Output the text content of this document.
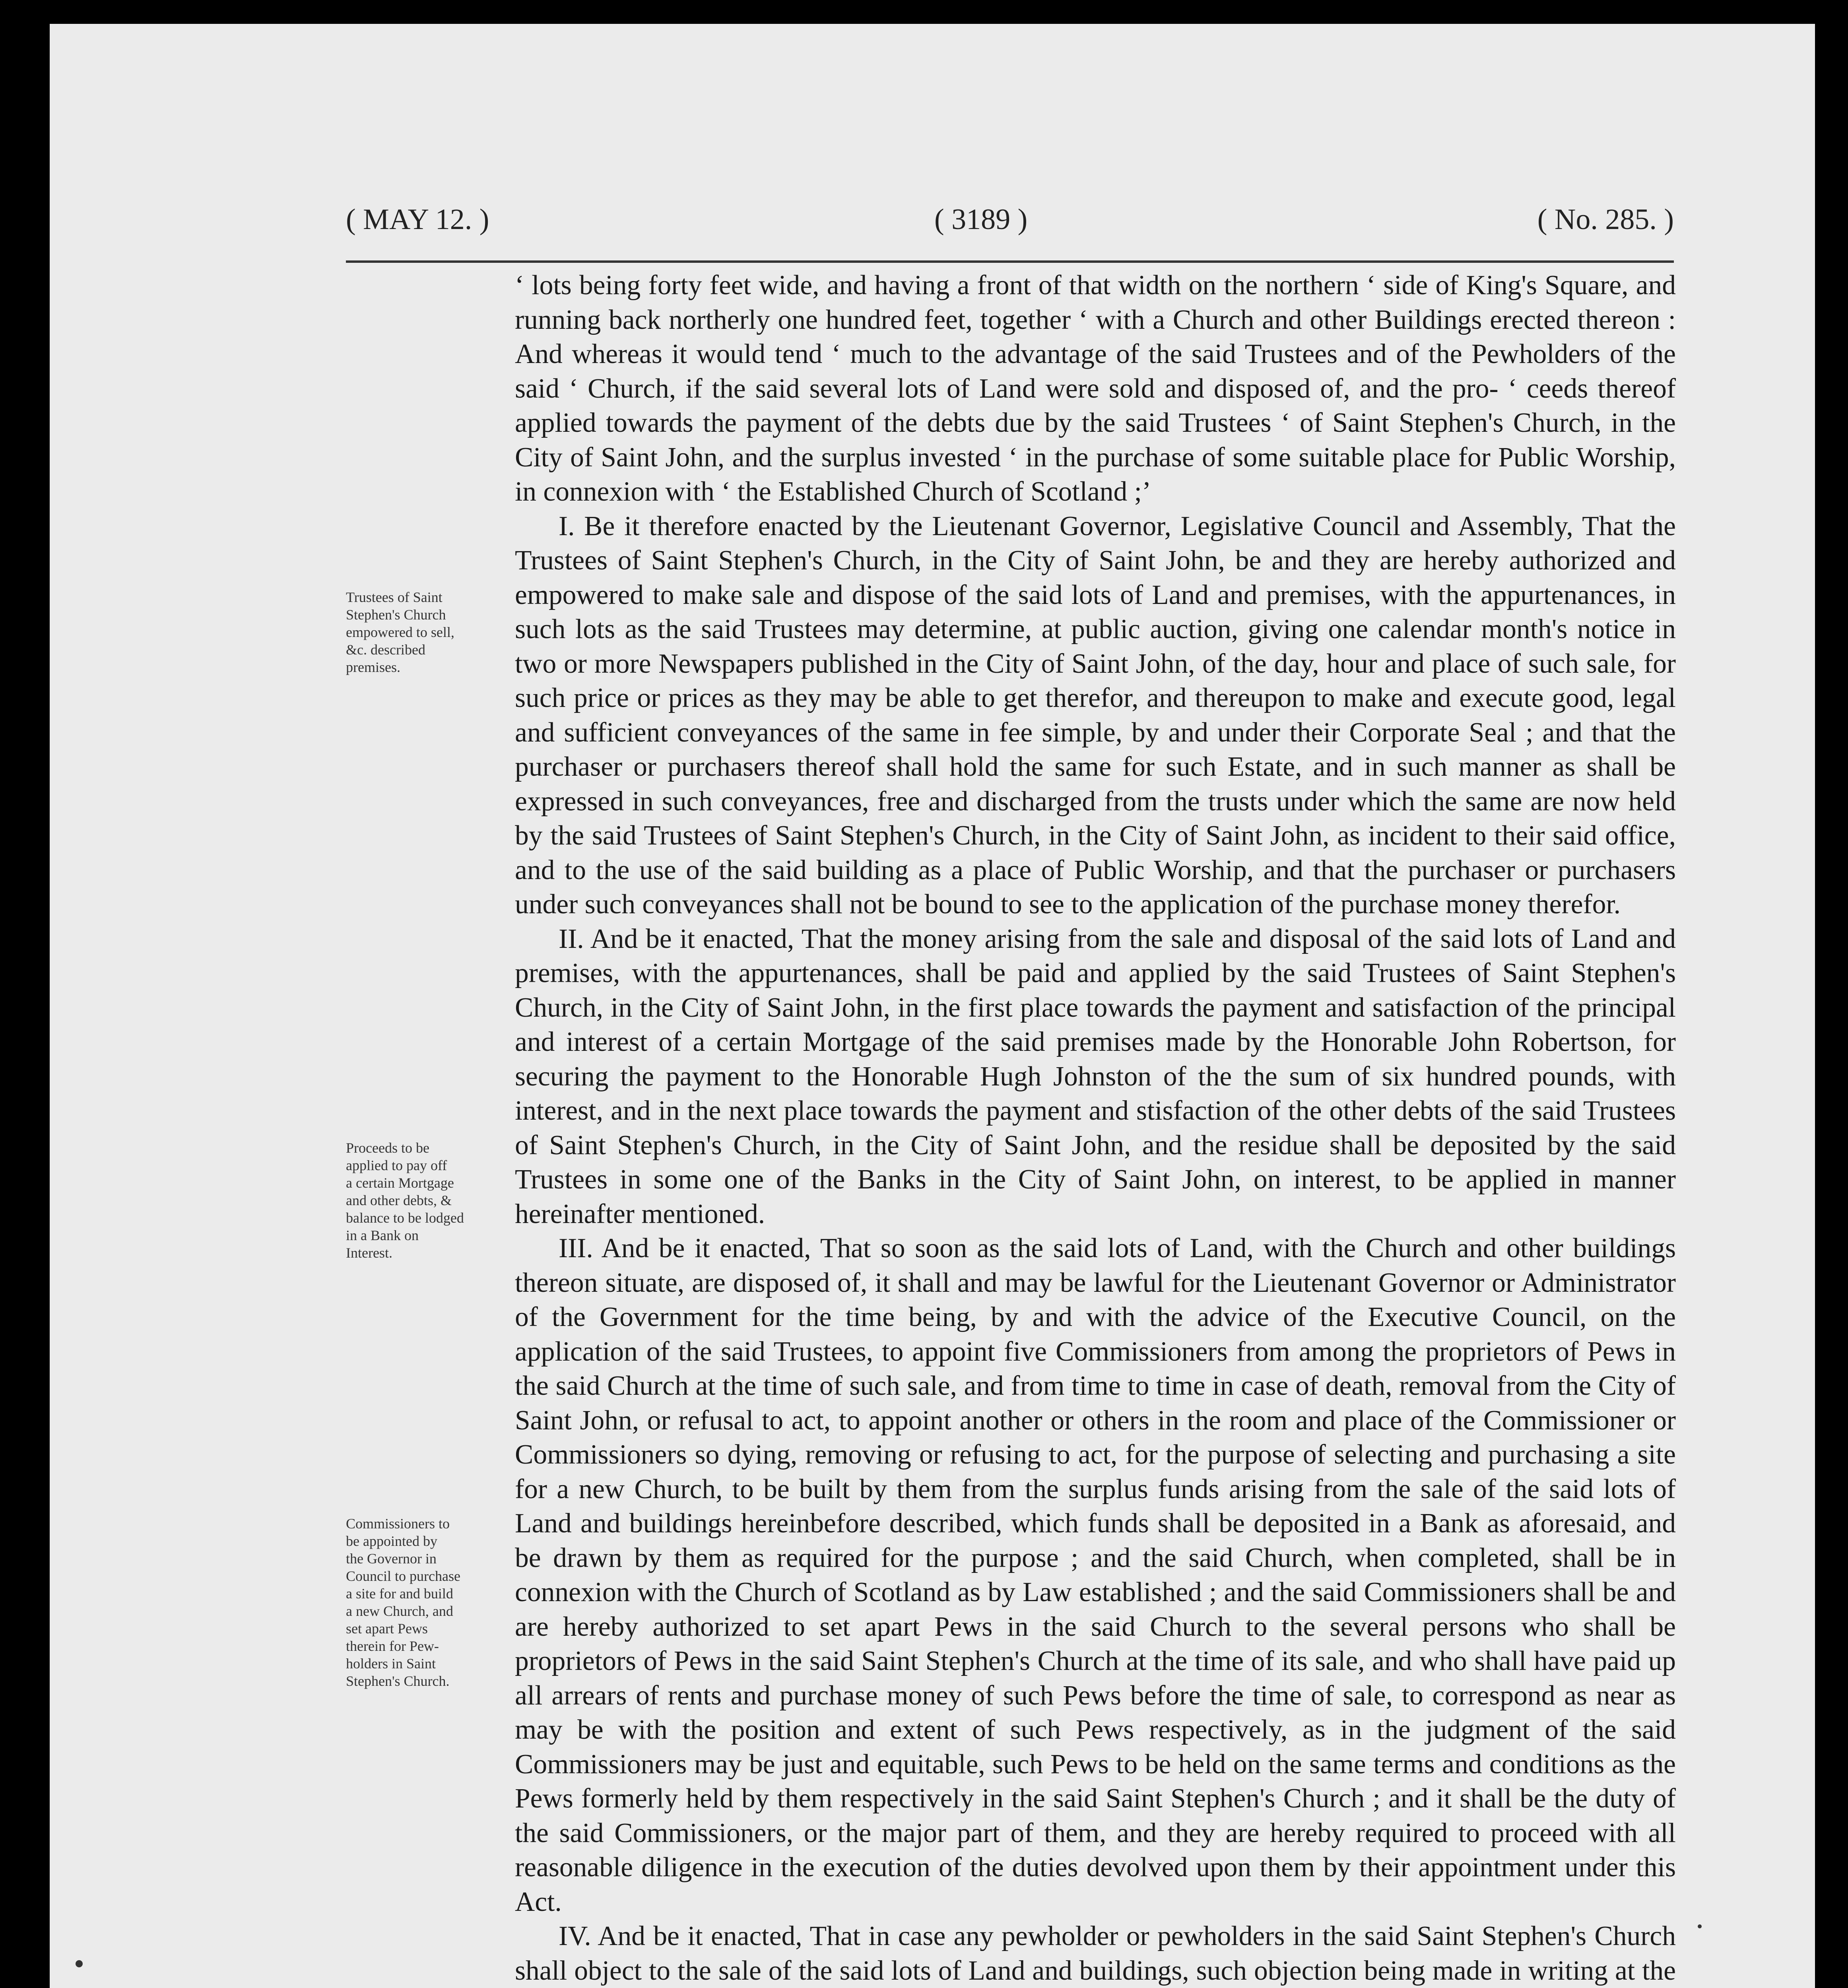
( MAY 12. )	( 3189 )	( No. 285. )
Trustees of Saint
Stephen's Church
empowered to sell,
&c. described
premises.
Proceeds to be
applied to pay off
a certain Mortgage
and other debts, &
balance to be lodged
in a Bank on
Interest.
Commissioners to
be appointed by
the Governor in
Council to purchase
a site for and build
a new Church, and
set apart Pews
therein for Pew-
holders in Saint
Stephen's Church.

‘ lots being forty feet wide, and having a front of that width on the northern ‘ side of King's Square, and running back northerly one hundred feet, together ‘ with a Church and other Buildings erected thereon : And whereas it would tend ‘ much to the advantage of the said Trustees and of the Pewholders of the said ‘ Church, if the said several lots of Land were sold and disposed of, and the pro- ‘ ceeds thereof applied towards the payment of the debts due by the said Trustees ‘ of Saint Stephen's Church, in the City of Saint John, and the surplus invested ‘ in the purchase of some suitable place for Public Worship, in connexion with ‘ the Established Church of Scotland ;’

I. Be it therefore enacted by the Lieutenant Governor, Legislative Council and Assembly, That the Trustees of Saint Stephen's Church, in the City of Saint John, be and they are hereby authorized and empowered to make sale and dispose of the said lots of Land and premises, with the appurtenances, in such lots as the said Trustees may determine, at public auction, giving one calendar month's notice in two or more Newspapers published in the City of Saint John, of the day, hour and place of such sale, for such price or prices as they may be able to get therefor, and thereupon to make and execute good, legal and sufficient conveyances of the same in fee simple, by and under their Corporate Seal ; and that the purchaser or purchasers thereof shall hold the same for such Estate, and in such manner as shall be expressed in such conveyances, free and discharged from the trusts under which the same are now held by the said Trustees of Saint Stephen's Church, in the City of Saint John, as incident to their said office, and to the use of the said building as a place of Public Worship, and that the purchaser or purchasers under such conveyances shall not be bound to see to the application of the purchase money therefor.

II. And be it enacted, That the money arising from the sale and disposal of the said lots of Land and premises, with the appurtenances, shall be paid and applied by the said Trustees of Saint Stephen's Church, in the City of Saint John, in the first place towards the payment and satisfaction of the principal and interest of a certain Mortgage of the said premises made by the Honorable John Robertson, for securing the payment to the Honorable Hugh Johnston of the the sum of six hundred pounds, with interest, and in the next place towards the payment and stisfaction of the other debts of the said Trustees of Saint Stephen's Church, in the City of Saint John, and the residue shall be deposited by the said Trustees in some one of the Banks in the City of Saint John, on interest, to be applied in manner hereinafter mentioned.

III. And be it enacted, That so soon as the said lots of Land, with the Church and other buildings thereon situate, are disposed of, it shall and may be lawful for the Lieutenant Governor or Administrator of the Government for the time being, by and with the advice of the Executive Council, on the application of the said Trustees, to appoint five Commissioners from among the proprietors of Pews in the said Church at the time of such sale, and from time to time in case of death, removal from the City of Saint John, or refusal to act, to appoint another or others in the room and place of the Commissioner or Commissioners so dying, removing or refusing to act, for the purpose of selecting and purchasing a site for a new Church, to be built by them from the surplus funds arising from the sale of the said lots of Land and buildings hereinbefore described, which funds shall be deposited in a Bank as aforesaid, and be drawn by them as required for the purpose ; and the said Church, when completed, shall be in connexion with the Church of Scotland as by Law established ; and the said Commissioners shall be and are hereby authorized to set apart Pews in the said Church to the several persons who shall be proprietors of Pews in the said Saint Stephen's Church at the time of its sale, and who shall have paid up all arrears of rents and purchase money of such Pews before the time of sale, to correspond as near as may be with the position and extent of such Pews respectively, as in the judgment of the said Commissioners may be just and equitable, such Pews to be held on the same terms and conditions as the Pews formerly held by them respectively in the said Saint Stephen's Church ; and it shall be the duty of the said Commissioners, or the major part of them, and they are hereby required to proceed with all reasonable diligence in the execution of the duties devolved upon them by their appointment under this Act.

IV. And be it enacted, That in case any pewholder or pewholders in the said Saint Stephen's Church shall object to the sale of the said lots of Land and buildings, such objection being made in writing at the
